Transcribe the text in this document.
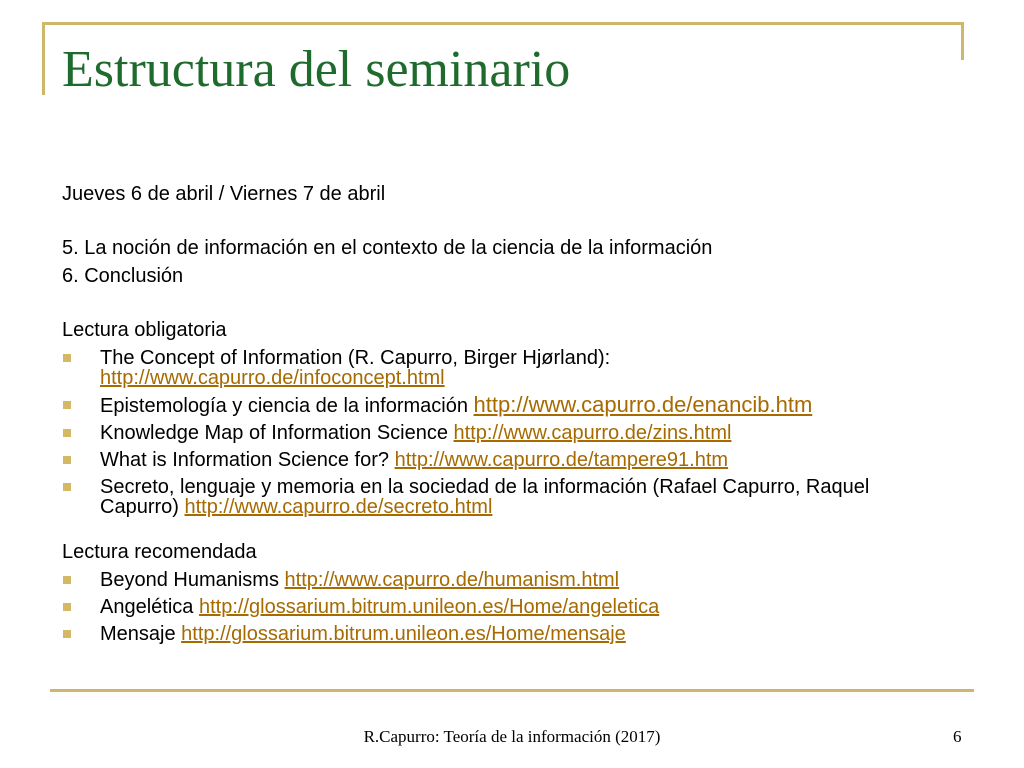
Estructura del seminario

Jueves 6 de abril / Viernes 7 de abril

5. La noción de información en el contexto de la ciencia de la información

6. Conclusión

Lectura obligatoria

The Concept of Information (R. Capurro, Birger Hjørland):
http://www.capurro.de/infoconcept.html
Epistemología y ciencia de la información http://www.capurro.de/enancib.htm
Knowledge Map of Information Science http://www.capurro.de/zins.html
What is Information Science for? http://www.capurro.de/tampere91.htm
Secreto, lenguaje y memoria en la sociedad de la información (Rafael Capurro, Raquel Capurro) http://www.capurro.de/secreto.html

Lectura recomendada

Beyond Humanisms http://www.capurro.de/humanism.html
Angelética http://glossarium.bitrum.unileon.es/Home/angeletica
Mensaje http://glossarium.bitrum.unileon.es/Home/mensaje
R.Capurro: Teoría de la información (2017)	6
